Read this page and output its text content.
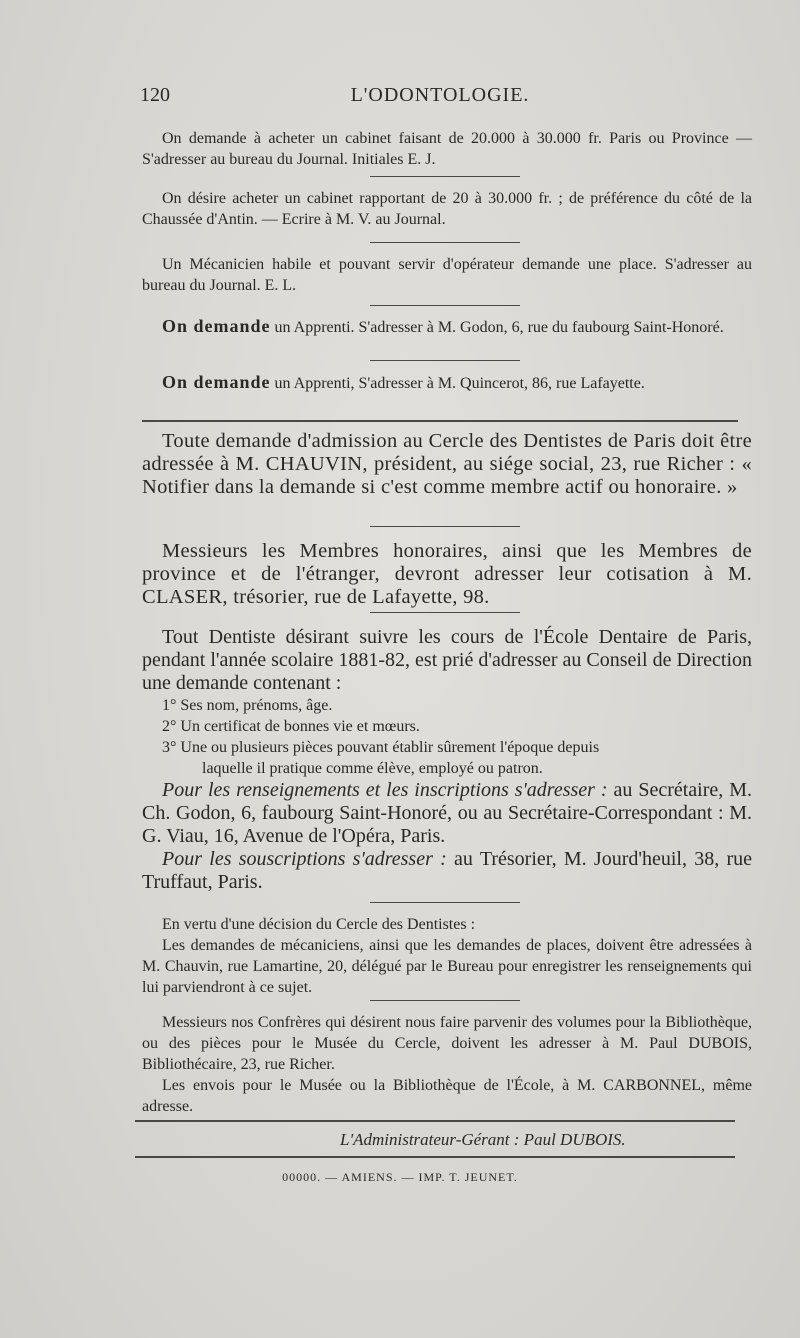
120	L'ODONTOLOGIE.

On demande à acheter un cabinet faisant de 20.000 à 30.000 fr. Paris ou Province — S'adresser au bureau du Journal. Initiales E. J.

On désire acheter un cabinet rapportant de 20 à 30.000 fr. ; de préférence du côté de la Chaussée d'Antin. — Ecrire à M. V. au Journal.

Un Mécanicien habile et pouvant servir d'opérateur demande une place. S'adresser au bureau du Journal. E. L.

On demande un Apprenti. S'adresser à M. Godon, 6, rue du faubourg Saint-Honoré.

On demande un Apprenti, S'adresser à M. Quincerot, 86, rue Lafayette.

Toute demande d'admission au Cercle des Dentistes de Paris doit être adressée à M. CHAUVIN, président, au siége social, 23, rue Richer : « Notifier dans la demande si c'est comme membre actif ou honoraire. »

Messieurs les Membres honoraires, ainsi que les Membres de province et de l'étranger, devront adresser leur cotisation à M. CLASER, trésorier, rue de Lafayette, 98.

Tout Dentiste désirant suivre les cours de l'École Dentaire de Paris, pendant l'année scolaire 1881-82, est prié d'adresser au Conseil de Direction une demande contenant :

1° Ses nom, prénoms, âge.

2° Un certificat de bonnes vie et mœurs.

3° Une ou plusieurs pièces pouvant établir sûrement l'époque depuis

laquelle il pratique comme élève, employé ou patron.

Pour les renseignements et les inscriptions s'adresser : au Secrétaire, M. Ch. Godon, 6, faubourg Saint-Honoré, ou au Secrétaire-Correspondant : M. G. Viau, 16, Avenue de l'Opéra, Paris.

Pour les souscriptions s'adresser : au Trésorier, M. Jourd'heuil, 38, rue Truffaut, Paris.

En vertu d'une décision du Cercle des Dentistes :

Les demandes de mécaniciens, ainsi que les demandes de places, doivent être adressées à M. Chauvin, rue Lamartine, 20, délégué par le Bureau pour enregistrer les renseignements qui lui parviendront à ce sujet.

Messieurs nos Confrères qui désirent nous faire parvenir des volumes pour la Bibliothèque, ou des pièces pour le Musée du Cercle, doivent les adresser à M. Paul DUBOIS, Bibliothécaire, 23, rue Richer.

Les envois pour le Musée ou la Bibliothèque de l'École, à M. CARBONNEL, même adresse.

L'Administrateur-Gérant : Paul DUBOIS.
00000. — AMIENS. — IMP. T. JEUNET.
